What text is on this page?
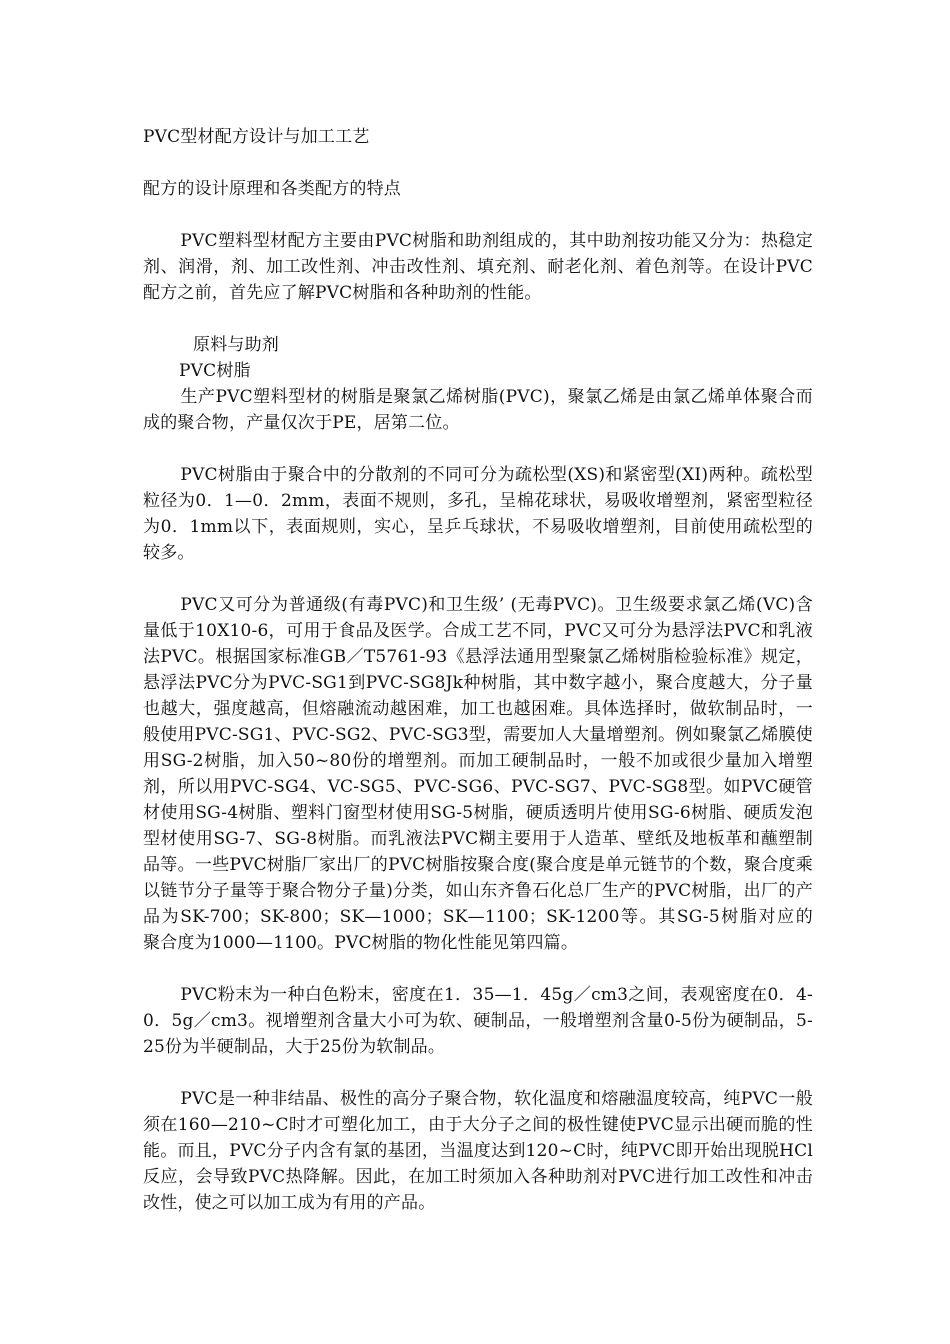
PVC型材配方设计与加工工艺

配方的设计原理和各类配方的特点

PVC塑料型材配方主要由PVC树脂和助剂组成的，其中助剂按功能又分为：热稳定剂、润滑，剂、加工改性剂、冲击改性剂、填充剂、耐老化剂、着色剂等。在设计PVC配方之前，首先应了解PVC树脂和各种助剂的性能。

原料与助剂

PVC树脂

生产PVC塑料型材的树脂是聚氯乙烯树脂(PVC)，聚氯乙烯是由氯乙烯单体聚合而成的聚合物，产量仅次于PE，居第二位。

PVC树脂由于聚合中的分散剂的不同可分为疏松型(XS)和紧密型(XI)两种。疏松型粒径为0．1—0．2mm，表面不规则，多孔，呈棉花球状，易吸收增塑剂，紧密型粒径为0．1mm以下，表面规则，实心，呈乒乓球状，不易吸收增塑剂，目前使用疏松型的较多。

PVC又可分为普通级(有毒PVC)和卫生级’ (无毒PVC)。卫生级要求氯乙烯(VC)含量低于10X10-6，可用于食品及医学。合成工艺不同，PVC又可分为悬浮法PVC和乳液法PVC。根据国家标准GB／T5761-93《悬浮法通用型聚氯乙烯树脂检验标准》规定，悬浮法PVC分为PVC-SG1到PVC-SG8Jk种树脂，其中数字越小，聚合度越大，分子量也越大，强度越高，但熔融流动越困难，加工也越困难。具体选择时，做软制品时，一般使用PVC-SG1、PVC-SG2、PVC-SG3型，需要加人大量增塑剂。例如聚氯乙烯膜使用SG-2树脂，加入50~80份的增塑剂。而加工硬制品时，一般不加或很少量加入增塑剂，所以用PVC-SG4、VC-SG5、PVC-SG6、PVC-SG7、PVC-SG8型。如PVC硬管材使用SG-4树脂、塑料门窗型材使用SG-5树脂，硬质透明片使用SG-6树脂、硬质发泡型材使用SG-7、SG-8树脂。而乳液法PVC糊主要用于人造革、壁纸及地板革和蘸塑制品等。一些PVC树脂厂家出厂的PVC树脂按聚合度(聚合度是单元链节的个数，聚合度乘以链节分子量等于聚合物分子量)分类，如山东齐鲁石化总厂生产的PVC树脂，出厂的产品为SK-700；SK-800；SK—1000；SK—1100；SK-1200等。其SG-5树脂对应的聚合度为1000—1100。PVC树脂的物化性能见第四篇。

PVC粉末为一种白色粉末，密度在1．35—1．45g／cm3之间，表观密度在0．4-0．5g／cm3。视增塑剂含量大小可为软、硬制品，一般增塑剂含量0-5份为硬制品，5-25份为半硬制品，大于25份为软制品。

PVC是一种非结晶、极性的高分子聚合物，软化温度和熔融温度较高，纯PVC一般须在160—210~C时才可塑化加工，由于大分子之间的极性键使PVC显示出硬而脆的性能。而且，PVC分子内含有氯的基团，当温度达到120~C时，纯PVC即开始出现脱HCl反应，会导致PVC热降解。因此，在加工时须加入各种助剂对PVC进行加工改性和冲击改性，使之可以加工成为有用的产品。
